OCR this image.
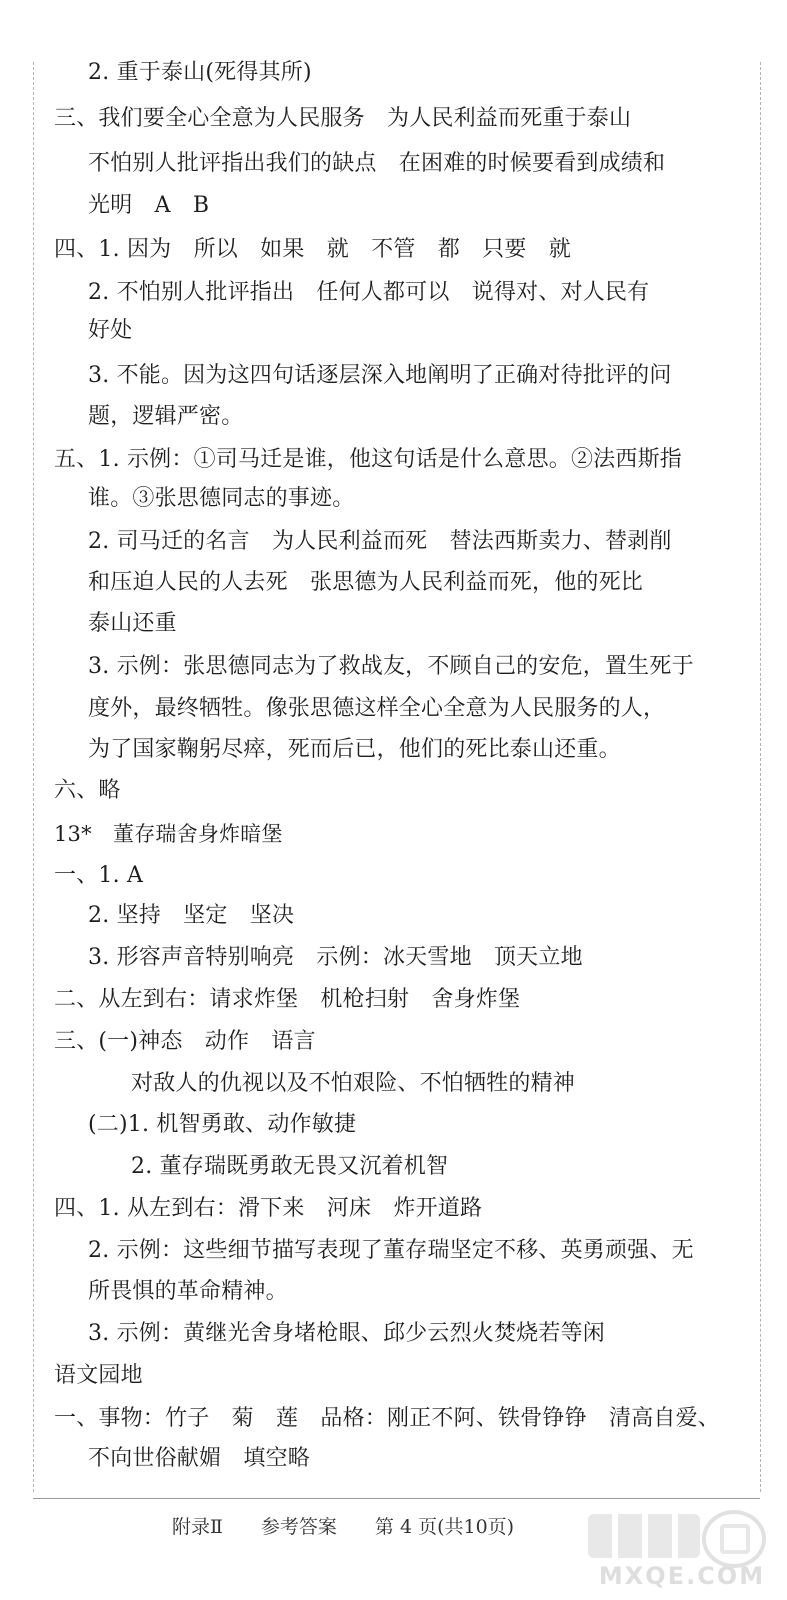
2. 重于泰山(死得其所)
三、我们要全心全意为人民服务　为人民利益而死重于泰山
不怕别人批评指出我们的缺点　在困难的时候要看到成绩和
光明　A　B
四、1. 因为　所以　如果　就　不管　都　只要　就
2. 不怕别人批评指出　任何人都可以　说得对、对人民有
好处
3. 不能。因为这四句话逐层深入地阐明了正确对待批评的问
题，逻辑严密。
五、1. 示例：①司马迁是谁，他这句话是什么意思。②法西斯指
谁。③张思德同志的事迹。
2. 司马迁的名言　为人民利益而死　替法西斯卖力、替剥削
和压迫人民的人去死　张思德为人民利益而死，他的死比
泰山还重
3. 示例：张思德同志为了救战友，不顾自己的安危，置生死于
度外，最终牺牲。像张思德这样全心全意为人民服务的人，
为了国家鞠躬尽瘁，死而后已，他们的死比泰山还重。
六、略
13*　董存瑞舍身炸暗堡
一、1. A
2. 坚持　坚定　坚决
3. 形容声音特别响亮　示例：冰天雪地　顶天立地
二、从左到右：请求炸堡　机枪扫射　舍身炸堡
三、(一)神态　动作　语言
对敌人的仇视以及不怕艰险、不怕牺牲的精神
(二)1. 机智勇敢、动作敏捷
2. 董存瑞既勇敢无畏又沉着机智
四、1. 从左到右：滑下来　河床　炸开道路
2. 示例：这些细节描写表现了董存瑞坚定不移、英勇顽强、无
所畏惧的革命精神。
3. 示例：黄继光舍身堵枪眼、邱少云烈火焚烧若等闲
语文园地
一、事物：竹子　菊　莲　品格：刚正不阿、铁骨铮铮　清高自爱、
不向世俗献媚　填空略
附录Ⅱ　　参考答案　　第 4 页(共10页)
MXQE.COM
